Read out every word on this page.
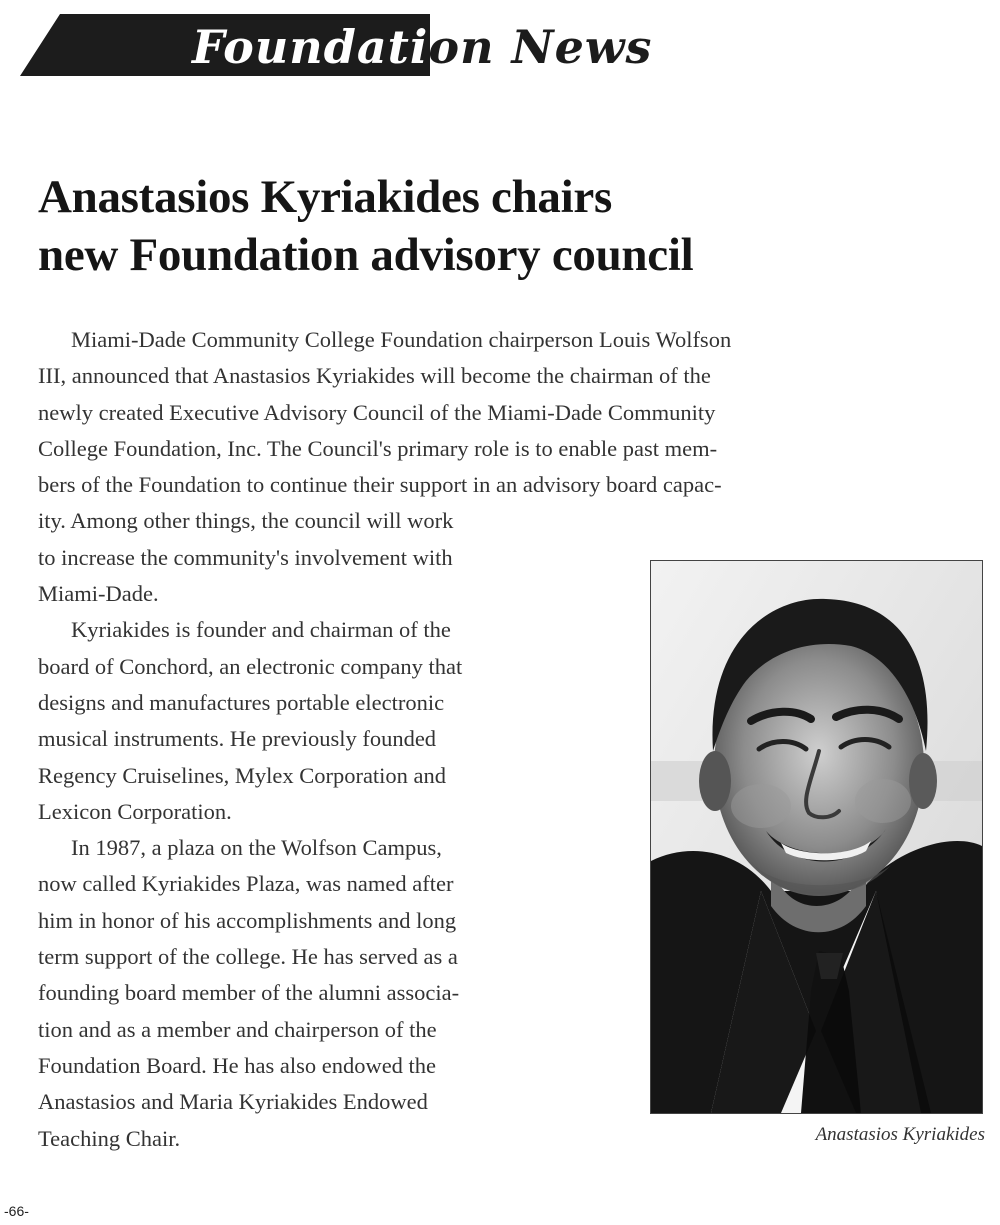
Foundation News
Anastasios Kyriakides chairs
new Foundation advisory council
Miami-Dade Community College Foundation chairperson Louis Wolfson
III, announced that Anastasios Kyriakides will become the chairman of the
newly created Executive Advisory Council of the Miami-Dade Community
College Foundation, Inc. The Council's primary role is to enable past mem-
bers of the Foundation to continue their support in an advisory board capac-
ity. Among other things, the council will work
to increase the community's involvement with
Miami-Dade.
Kyriakides is founder and chairman of the
board of Conchord, an electronic company that
designs and manufactures portable electronic
musical instruments. He previously founded
Regency Cruiselines, Mylex Corporation and
Lexicon Corporation.
In 1987, a plaza on the Wolfson Campus,
now called Kyriakides Plaza, was named after
him in honor of his accomplishments and long
term support of the college. He has served as a
founding board member of the alumni associa-
tion and as a member and chairperson of the
Foundation Board. He has also endowed the
Anastasios and Maria Kyriakides Endowed
Teaching Chair.	Anastasios Kyriakides
-66-
